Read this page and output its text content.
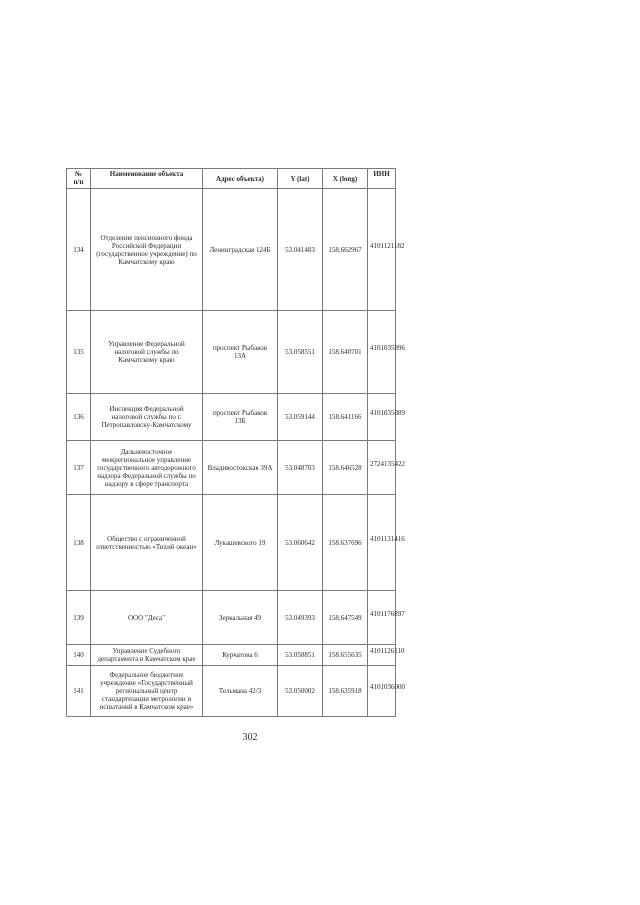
№
п/п	Наименование объекта	Адрес объекта)	Y (lat)	X (long)	ИНН
134	Отделение пенсионного фонда
Российской Федерации
(государственное учреждение) по
Камчатскому краю	Ленинградская 124Б	53.041483	158.662967	4101121182
135	Управление Федеральной
налоговой службы по
Камчатскому краю	проспект Рыбаков
13А	53.058551	158.640701	4101035896
136	Инспекция Федеральной
налоговой службы по г.
Петропавловску-Камчатскому	проспект Рыбаков
13Б	53.059144	158.641166	4101035889
137	Дальневосточное
межрегиональное управление
государственного автодорожного
надзора Федеральной службы по
надзору в сфере транспорта	Владивостокская 39А	53.048703	158.646528	2724135422
138	Общество с ограниченной
ответственностью «Тихий океан»	Лукашевского 19	53.060642	158.637696	4101131416
139	ООО "Деса"	Зеркальная 49	53.049393	158.647549	4101176897
140	Управление Судебного
департамента в Камчатском крае	Курчатова 6	53.058851	158.655635	4101126110
141	Федеральное бюджетное
учреждение «Государственный
региональный центр
стандартизации метрологии и
испытаний в Камчатском крае»	Тельмана 42/3	53.050002	158.635918	4101036000
302
